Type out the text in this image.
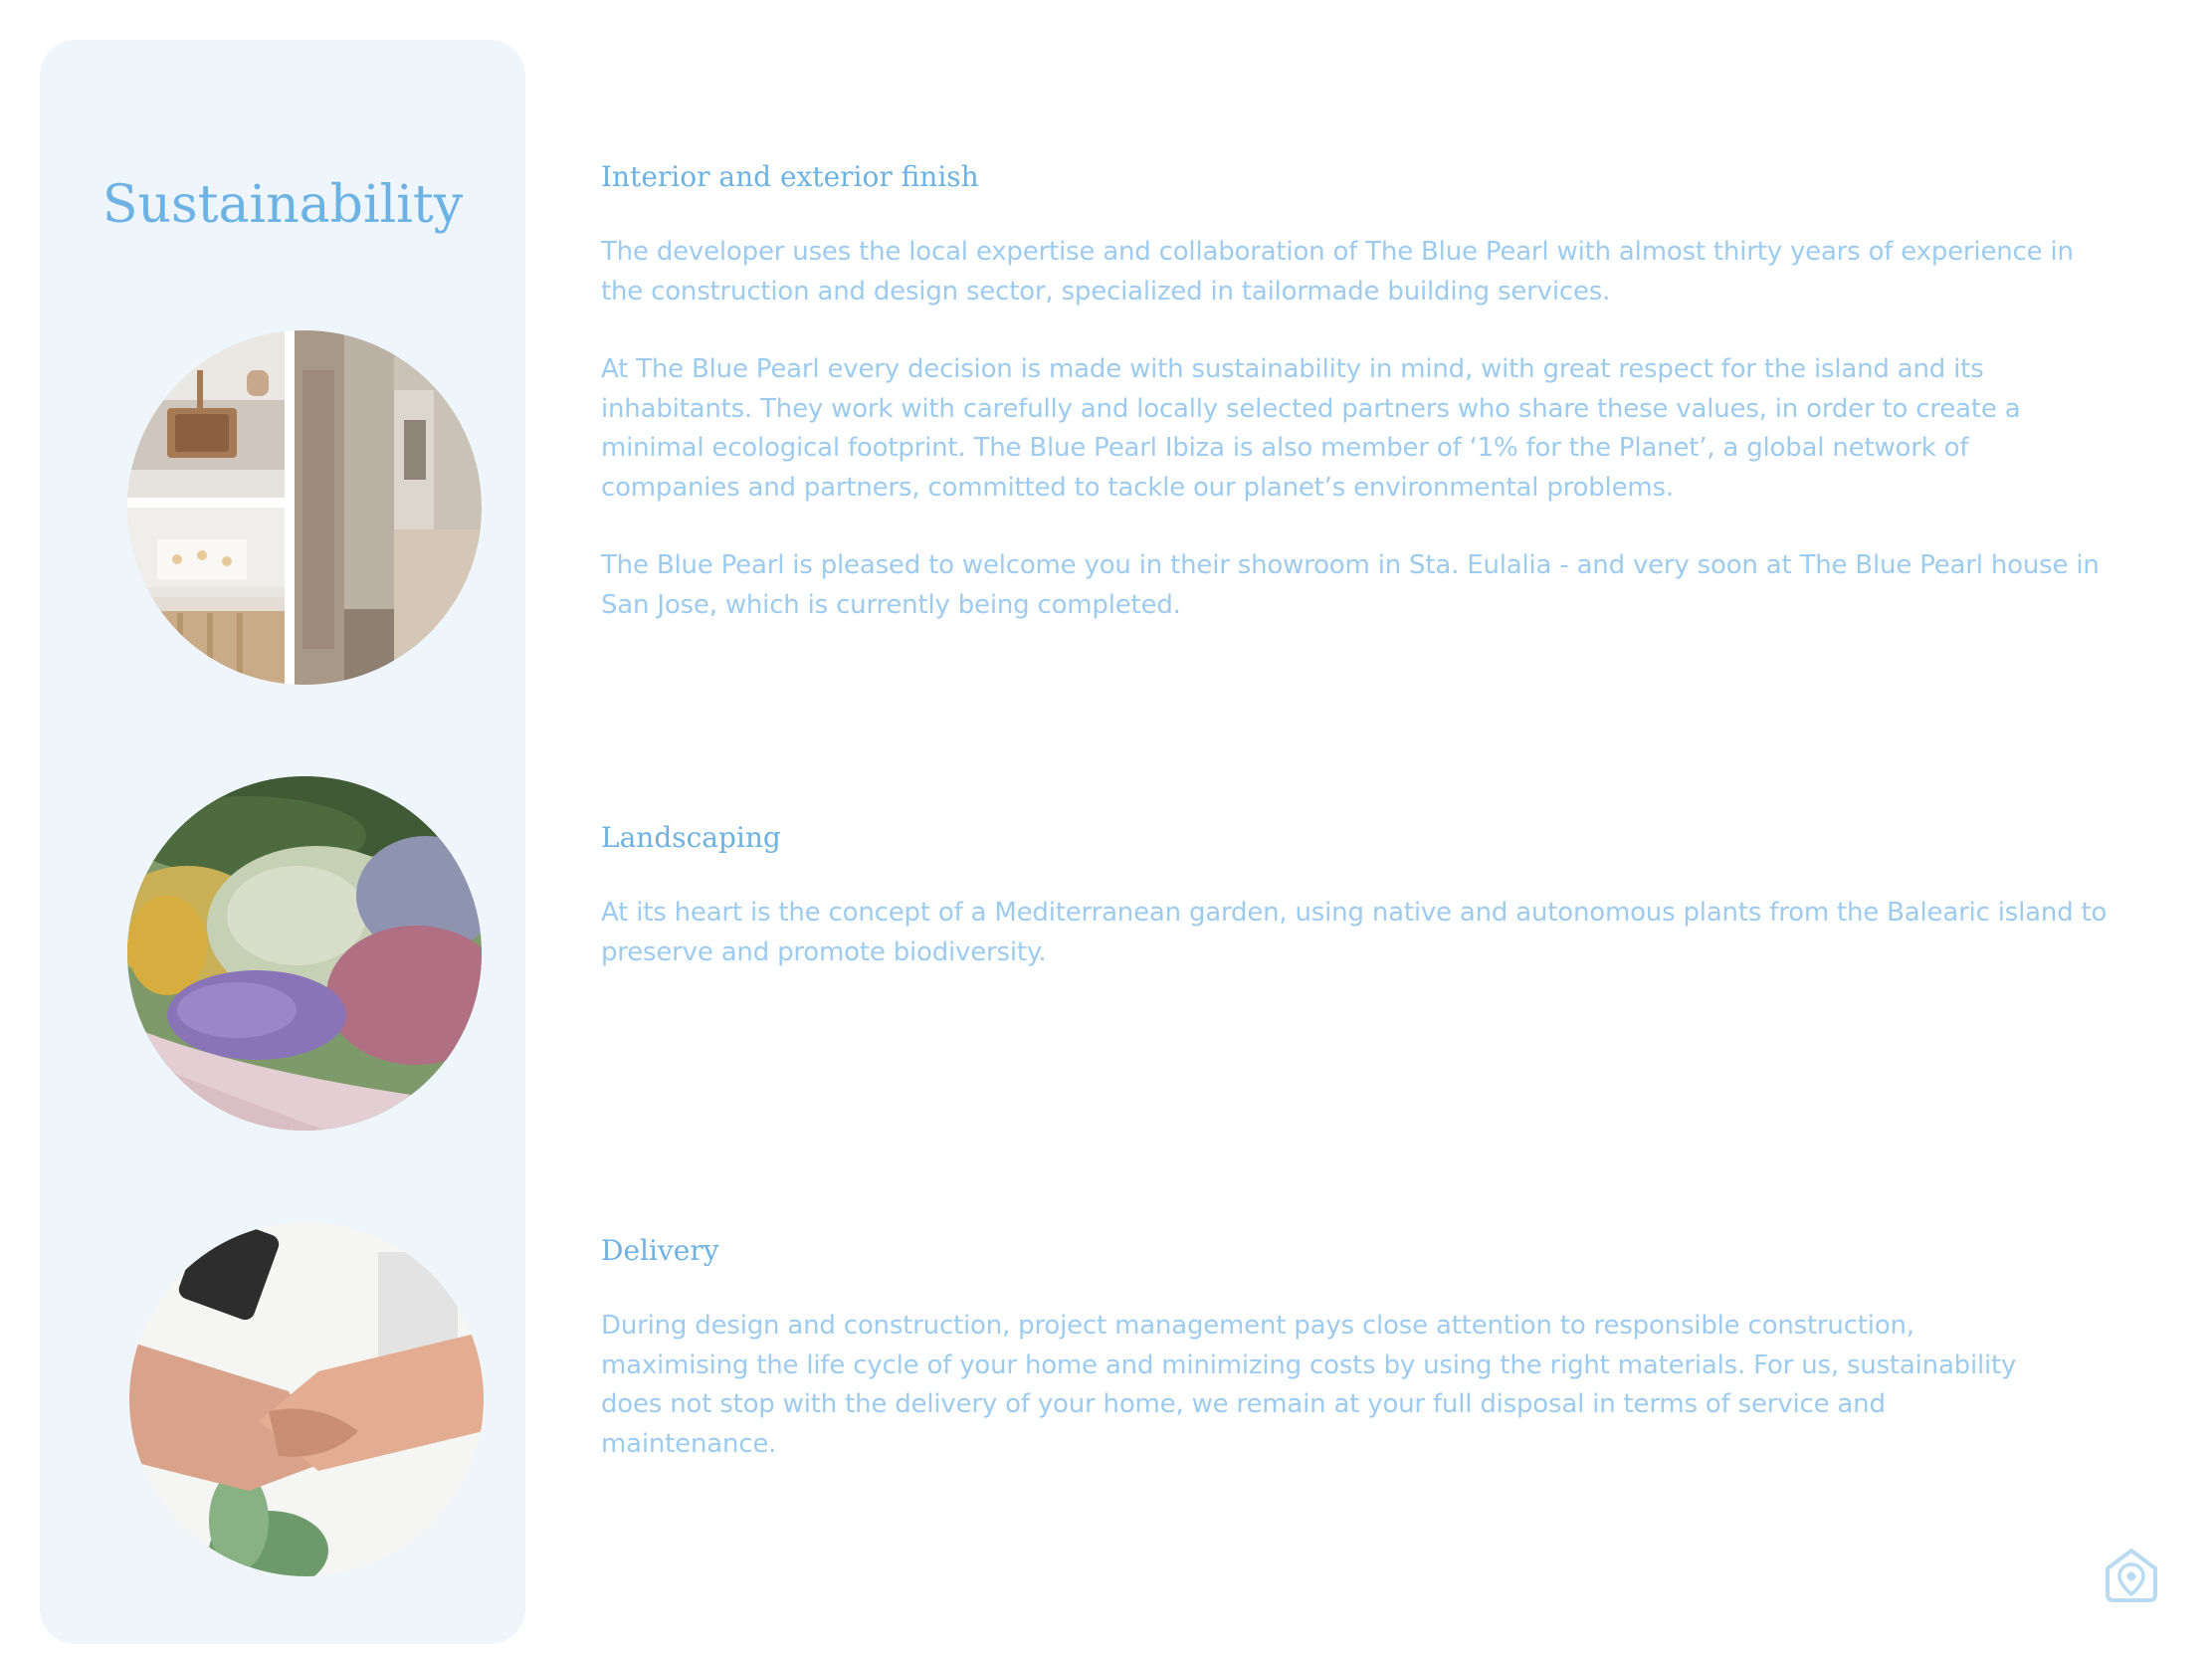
Sustainability	Interior and exterior finish

The developer uses the local expertise and collaboration of The Blue Pearl with almost thirty years of experience in the construction and design sector, specialized in tailormade building services.

At The Blue Pearl every decision is made with sustainability in mind, with great respect for the island and its inhabitants. They work with carefully and locally selected partners who share these values, in order to create a minimal ecological footprint. The Blue Pearl Ibiza is also member of ‘1% for the Planet’, a global network of companies and partners, committed to tackle our planet’s environmental problems.

The Blue Pearl is pleased to welcome you in their showroom in Sta. Eulalia - and very soon at The Blue Pearl house in San Jose, which is currently being completed.

Landscaping

At its heart is the concept of a Mediterranean garden, using native and autonomous plants from the Balearic island to preserve and promote biodiversity.

Delivery

During design and construction, project management pays close attention to responsible construction, maximising the life cycle of your home and minimizing costs by using the right materials. For us, sustainability does not stop with the delivery of your home, we remain at your full disposal in terms of service and maintenance.
